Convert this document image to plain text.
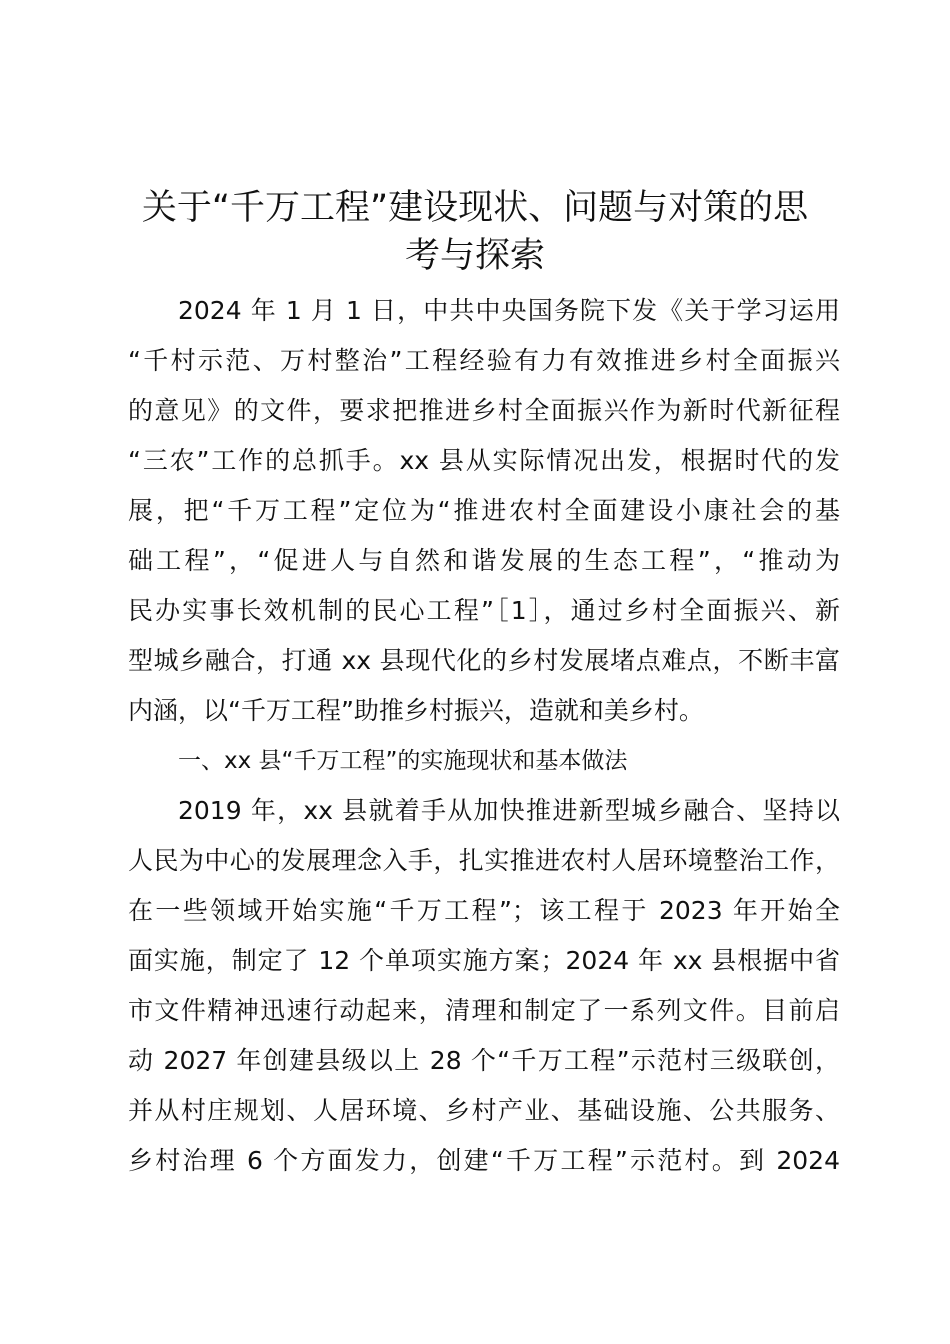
关于“千万工程”建设现状、问题与对策的思
考与探索
2024 年 1 月 1 日，中共中央国务院下发《关于学习运用
“千村示范、万村整治”工程经验有力有效推进乡村全面振兴
的意见》的文件，要求把推进乡村全面振兴作为新时代新征程
“三农”工作的总抓手。xx 县从实际情况出发，根据时代的发
展，把“千万工程”定位为“推进农村全面建设小康社会的基
础工程”，“促进人与自然和谐发展的生态工程”，“推动为
民办实事长效机制的民心工程”［1］，通过乡村全面振兴、新
型城乡融合，打通 xx 县现代化的乡村发展堵点难点，不断丰富
内涵，以“千万工程”助推乡村振兴，造就和美乡村。
一、xx 县“千万工程”的实施现状和基本做法
2019 年，xx 县就着手从加快推进新型城乡融合、坚持以
人民为中心的发展理念入手，扎实推进农村人居环境整治工作，
在一些领域开始实施“千万工程”；该工程于 2023 年开始全
面实施，制定了 12 个单项实施方案；2024 年 xx 县根据中省
市文件精神迅速行动起来，清理和制定了一系列文件。目前启
动 2027 年创建县级以上 28 个“千万工程”示范村三级联创，
并从村庄规划、人居环境、乡村产业、基础设施、公共服务、
乡村治理 6 个方面发力，创建“千万工程”示范村。到 2024
